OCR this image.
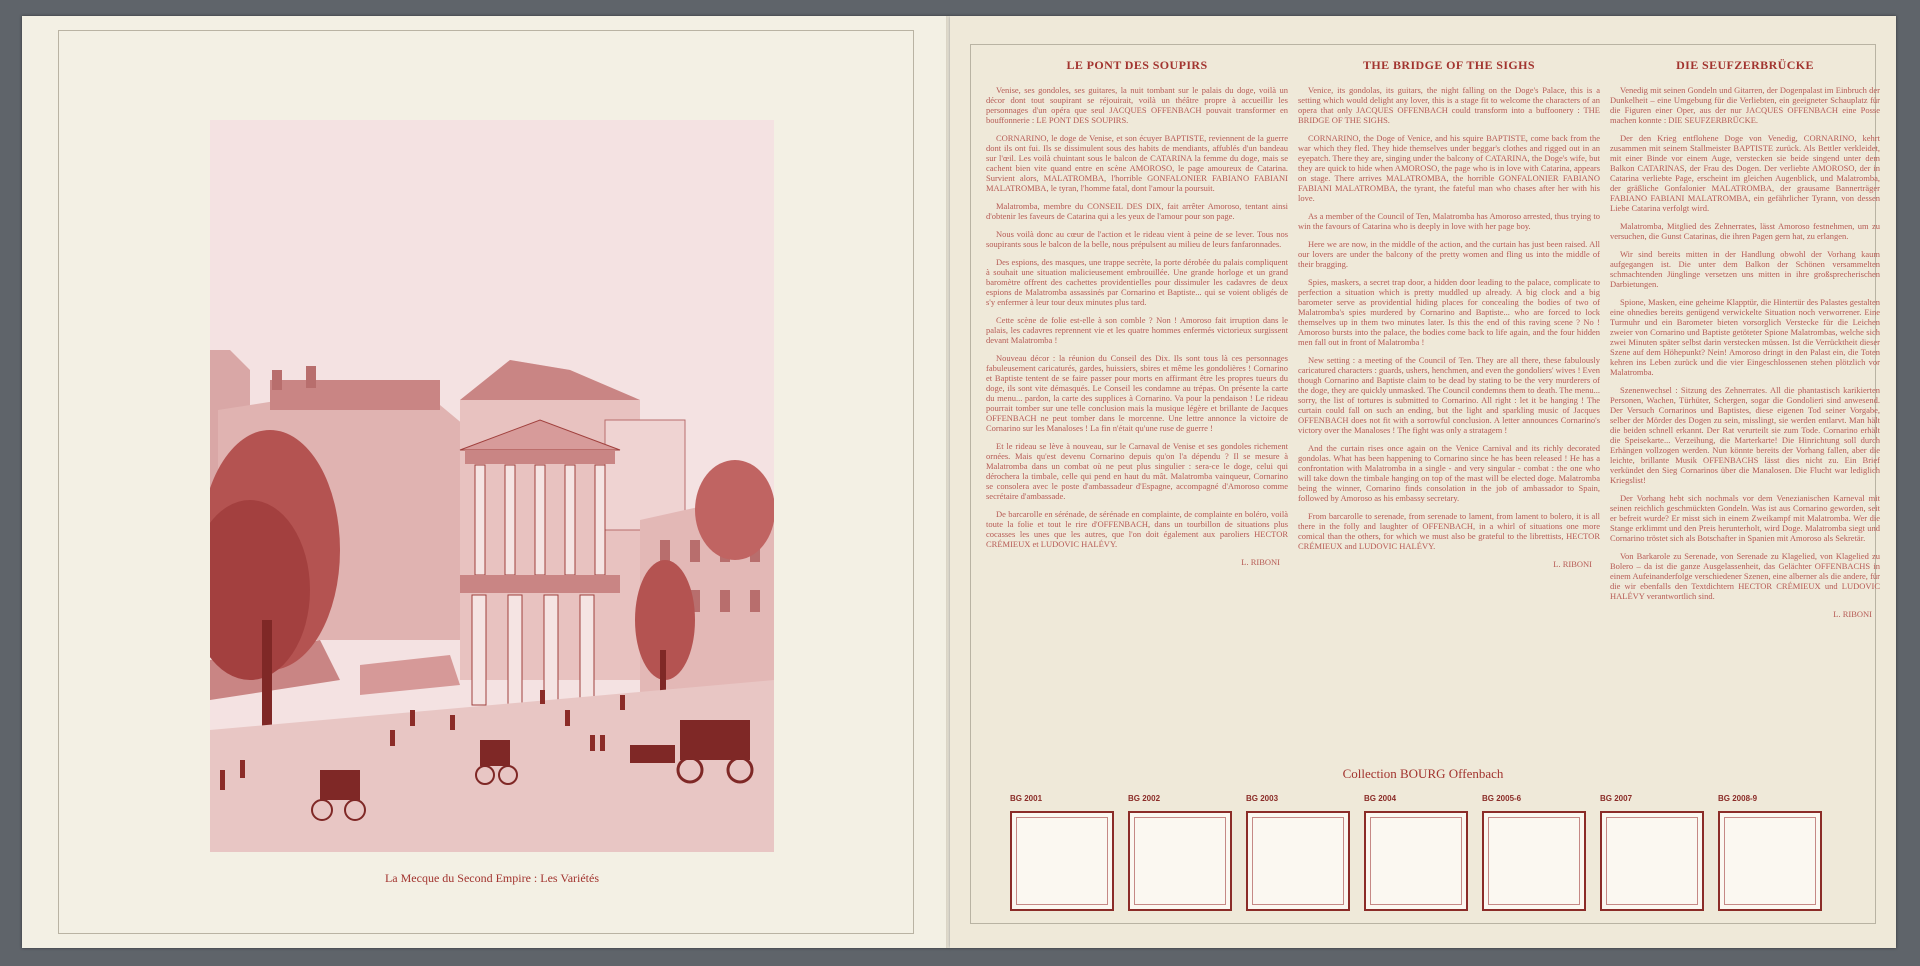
La Mecque du Second Empire : Les Variétés
LE PONT DES SOUPIRS

Venise, ses gondoles, ses guitares, la nuit tombant sur le palais du doge, voilà un décor dont tout soupirant se réjouirait, voilà un théâtre propre à accueillir les personnages d'un opéra que seul JACQUES OFFENBACH pouvait transformer en bouffonnerie : LE PONT DES SOUPIRS.

CORNARINO, le doge de Venise, et son écuyer BAPTISTE, reviennent de la guerre dont ils ont fui. Ils se dissimulent sous des habits de mendiants, affublés d'un bandeau sur l'œil. Les voilà chuintant sous le balcon de CATARINA la femme du doge, mais se cachent bien vite quand entre en scène AMOROSO, le page amoureux de Catarina. Survient alors, MALATROMBA, l'horrible GONFALONIER FABIANO FABIANI MALATROMBA, le tyran, l'homme fatal, dont l'amour la poursuit.

Malatromba, membre du CONSEIL DES DIX, fait arrêter Amoroso, tentant ainsi d'obtenir les faveurs de Catarina qui a les yeux de l'amour pour son page.

Nous voilà donc au cœur de l'action et le rideau vient à peine de se lever. Tous nos soupirants sous le balcon de la belle, nous prépulsent au milieu de leurs fanfaronnades.

Des espions, des masques, une trappe secrète, la porte dérobée du palais compliquent à souhait une situation malicieusement embrouillée. Une grande horloge et un grand baromètre offrent des cachettes providentielles pour dissimuler les cadavres de deux espions de Malatromba assassinés par Cornarino et Baptiste... qui se voient obligés de s'y enfermer à leur tour deux minutes plus tard.

Cette scène de folie est-elle à son comble ? Non ! Amoroso fait irruption dans le palais, les cadavres reprennent vie et les quatre hommes enfermés victorieux surgissent devant Malatromba !

Nouveau décor : la réunion du Conseil des Dix. Ils sont tous là ces personnages fabuleusement caricaturés, gardes, huissiers, sbires et même les gondolières ! Cornarino et Baptiste tentent de se faire passer pour morts en affirmant être les propres tueurs du doge, ils sont vite démasqués. Le Conseil les condamne au trépas. On présente la carte du menu... pardon, la carte des supplices à Cornarino. Va pour la pendaison ! Le rideau pourrait tomber sur une telle conclusion mais la musique légère et brillante de Jacques OFFENBACH ne peut tomber dans le morcenne. Une lettre annonce la victoire de Cornarino sur les Manaloses ! La fin n'était qu'une ruse de guerre !

Et le rideau se lève à nouveau, sur le Carnaval de Venise et ses gondoles richement ornées. Mais qu'est devenu Cornarino depuis qu'on l'a dépendu ? Il se mesure à Malatromba dans un combat où ne peut plus singulier : sera-ce le doge, celui qui dérochera la timbale, celle qui pend en haut du mât. Malatromba vainqueur, Cornarino se consolera avec le poste d'ambassadeur d'Espagne, accompagné d'Amoroso comme secrétaire d'ambassade.

De barcarolle en sérénade, de sérénade en complainte, de complainte en boléro, voilà toute la folie et tout le rire d'OFFENBACH, dans un tourbillon de situations plus cocasses les unes que les autres, que l'on doit également aux paroliers HECTOR CRÉMIEUX et LUDOVIC HALÉVY.

L. RIBONI

THE BRIDGE OF THE SIGHS

Venice, its gondolas, its guitars, the night falling on the Doge's Palace, this is a setting which would delight any lover, this is a stage fit to welcome the characters of an opera that only JACQUES OFFENBACH could transform into a buffoonery : THE BRIDGE OF THE SIGHS.

CORNARINO, the Doge of Venice, and his squire BAPTISTE, come back from the war which they fled. They hide themselves under beggar's clothes and rigged out in an eyepatch. There they are, singing under the balcony of CATARINA, the Doge's wife, but they are quick to hide when AMOROSO, the page who is in love with Catarina, appears on stage. There arrives MALATROMBA, the horrible GONFALONIER FABIANO FABIANI MALATROMBA, the tyrant, the fateful man who chases after her with his love.

As a member of the Council of Ten, Malatromba has Amoroso arrested, thus trying to win the favours of Catarina who is deeply in love with her page boy.

Here we are now, in the middle of the action, and the curtain has just been raised. All our lovers are under the balcony of the pretty women and fling us into the middle of their bragging.

Spies, maskers, a secret trap door, a hidden door leading to the palace, complicate to perfection a situation which is pretty muddled up already. A big clock and a big barometer serve as providential hiding places for concealing the bodies of two of Malatromba's spies murdered by Cornarino and Baptiste... who are forced to lock themselves up in them two minutes later. Is this the end of this raving scene ? No ! Amoroso bursts into the palace, the bodies come back to life again, and the four hidden men fall out in front of Malatromba !

New setting : a meeting of the Council of Ten. They are all there, these fabulously caricatured characters : guards, ushers, henchmen, and even the gondoliers' wives ! Even though Cornarino and Baptiste claim to be dead by stating to be the very murderers of the doge, they are quickly unmasked. The Council condemns them to death. The menu... sorry, the list of tortures is submitted to Cornarino. All right : let it be hanging ! The curtain could fall on such an ending, but the light and sparkling music of Jacques OFFENBACH does not fit with a sorrowful conclusion. A letter announces Cornarino's victory over the Manaloses ! The fight was only a stratagem !

And the curtain rises once again on the Venice Carnival and its richly decorated gondolas. What has been happening to Cornarino since he has been released ! He has a confrontation with Malatromba in a single - and very singular - combat : the one who will take down the timbale hanging on top of the mast will be elected doge. Malatromba being the winner, Cornarino finds consolation in the job of ambassador to Spain, followed by Amoroso as his embassy secretary.

From barcarolle to serenade, from serenade to lament, from lament to bolero, it is all there in the folly and laughter of OFFENBACH, in a whirl of situations one more comical than the others, for which we must also be grateful to the librettists, HECTOR CRÉMIEUX and LUDOVIC HALÉVY.

L. RIBONI

DIE SEUFZERBRÜCKE

Venedig mit seinen Gondeln und Gitarren, der Dogenpalast im Einbruch der Dunkelheit – eine Umgebung für die Verliebten, ein geeigneter Schauplatz für die Figuren einer Oper, aus der nur JACQUES OFFENBACH eine Posse machen konnte : DIE SEUFZERBRÜCKE.

Der den Krieg entflohene Doge von Venedig, CORNARINO, kehrt zusammen mit seinem Stallmeister BAPTISTE zurück. Als Bettler verkleidet, mit einer Binde vor einem Auge, verstecken sie beide singend unter dem Balkon CATARINAS, der Frau des Dogen. Der verliebte AMOROSO, der in Catarina verliebte Page, erscheint im gleichen Augenblick, und Malatromba, der gräßliche Gonfalonier MALATROMBA, der grausame Bannerträger FABIANO FABIANI MALATROMBA, ein gefährlicher Tyrann, von dessen Liebe Catarina verfolgt wird.

Malatromba, Mitglied des Zehnerrates, lässt Amoroso festnehmen, um zu versuchen, die Gunst Catarinas, die ihren Pagen gern hat, zu erlangen.

Wir sind bereits mitten in der Handlung obwohl der Vorhang kaum aufgegangen ist. Die unter dem Balkon der Schönen versammelten schmachtenden Jünglinge versetzen uns mitten in ihre großsprecherischen Darbietungen.

Spione, Masken, eine geheime Klapptür, die Hintertür des Palastes gestalten eine ohnedies bereits genügend verwickelte Situation noch verworrener. Eine Turmuhr und ein Barometer bieten vorsorglich Verstecke für die Leichen zweier von Cornarino und Baptiste getöteter Spione Malatrombas, welche sich zwei Minuten später selbst darin verstecken müssen. Ist die Verrücktheit dieser Szene auf dem Höhepunkt? Nein! Amoroso dringt in den Palast ein, die Toten kehren ins Leben zurück und die vier Eingeschlossenen stehen plötzlich vor Malatromba.

Szenenwechsel : Sitzung des Zehnerrates. All die phantastisch karikierten Personen, Wachen, Türhüter, Schergen, sogar die Gondolieri sind anwesend. Der Versuch Cornarinos und Baptistes, diese eigenen Tod seiner Vorgabe, selber der Mörder des Dogen zu sein, misslingt, sie werden entlarvt. Man hält die beiden schnell erkannt. Der Rat verurteilt sie zum Tode. Cornarino erhält die Speisekarte... Verzeihung, die Marterkarte! Die Hinrichtung soll durch Erhängen vollzogen werden. Nun könnte bereits der Vorhang fallen, aber die leichte, brillante Musik OFFENBACHS lässt dies nicht zu. Ein Brief verkündet den Sieg Cornarinos über die Manalosen. Die Flucht war lediglich Kriegslist!

Der Vorhang hebt sich nochmals vor dem Venezianischen Karneval mit seinen reichlich geschmückten Gondeln. Was ist aus Cornarino geworden, seit er befreit wurde? Er misst sich in einem Zweikampf mit Malatromba. Wer die Stange erklimmt und den Preis herunterholt, wird Doge. Malatromba siegt und Cornarino tröstet sich als Botschafter in Spanien mit Amoroso als Sekretär.

Von Barkarole zu Serenade, von Serenade zu Klagelied, von Klagelied zu Bolero – da ist die ganze Ausgelassenheit, das Gelächter OFFENBACHS in einem Aufeinanderfolge verschiedener Szenen, eine alberner als die andere, für die wir ebenfalls den Textdichtern HECTOR CRÉMIEUX und LUDOVIC HALÉVY verantwortlich sind.

L. RIBONI

Collection BOURG Offenbach
BG 2001	BG 2002	BG 2003	BG 2004	BG 2005-6	BG 2007	BG 2008-9
